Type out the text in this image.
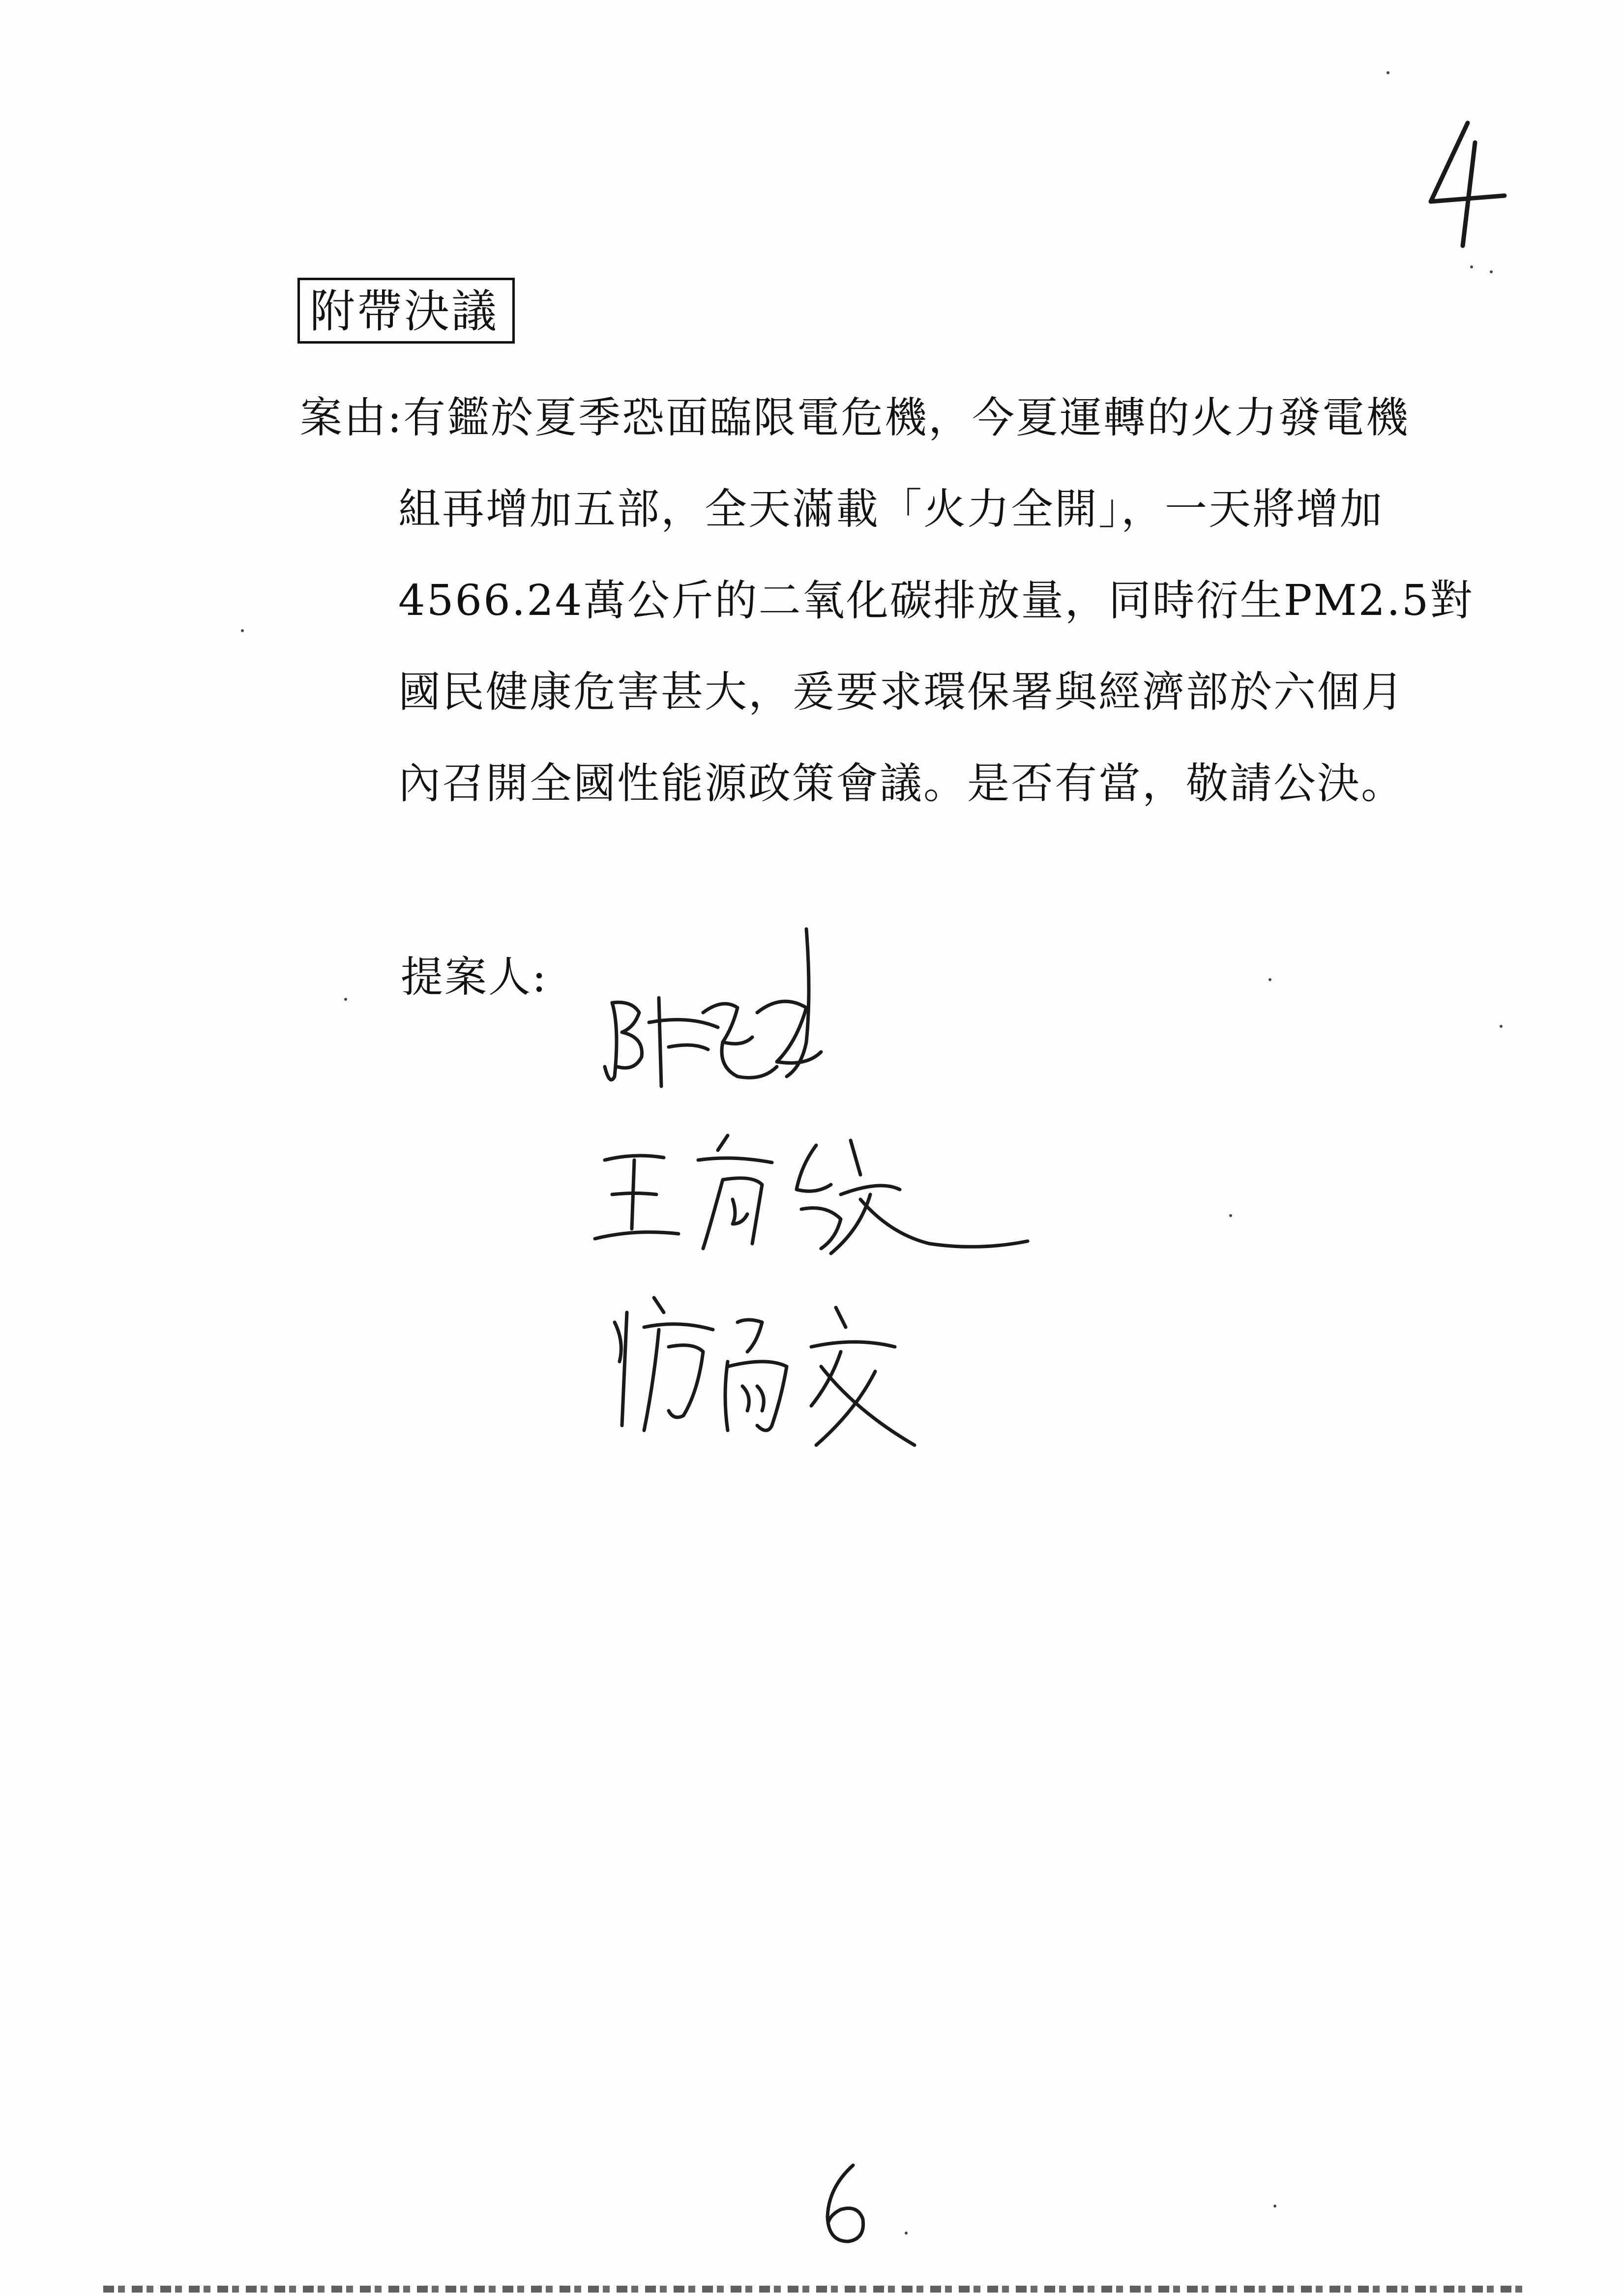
附帶決議
案由:有鑑於夏季恐面臨限電危機，今夏運轉的火力發電機
組再增加五部，全天滿載「火力全開」，一天將增加
4566.24萬公斤的二氧化碳排放量，同時衍生PM2.5對
國民健康危害甚大，爰要求環保署與經濟部於六個月
內召開全國性能源政策會議。是否有當，敬請公決。
提案人:
